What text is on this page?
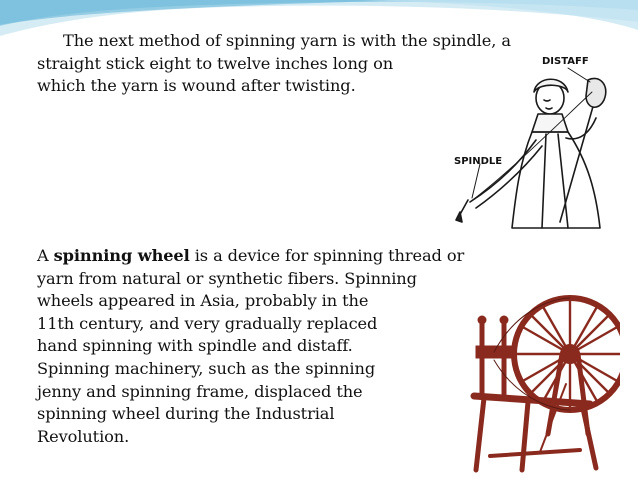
The next method of spinning yarn is with the spindle, a
straight stick eight to twelve inches long on
which the yarn is wound after twisting.

DISTAFF
SPINDLE

A spinning wheel is a device for spinning thread or
yarn from natural or synthetic fibers. Spinning
wheels appeared in Asia, probably in the
11th century, and very gradually replaced
hand spinning with spindle and distaff.
Spinning machinery, such as the spinning
jenny and spinning frame, displaced the
spinning wheel during the Industrial
Revolution.
